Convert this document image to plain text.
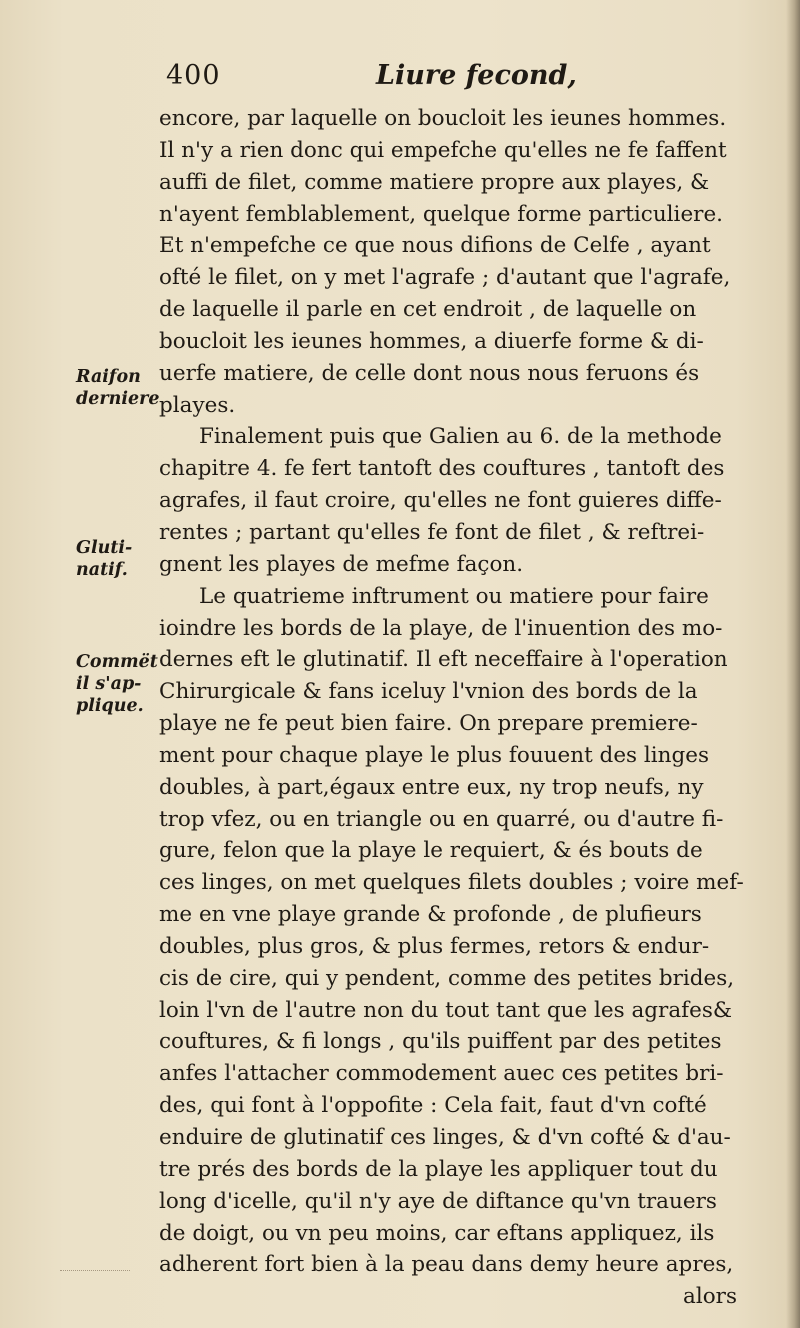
400	Liure fecond,
Raifon
derniere
Gluti-
natif.
Commët
il s'ap-
plique.
encore, par laquelle on boucloit les ieunes hommes.
Il n'y a rien donc qui empefche qu'elles ne fe faffent
auffi de filet, comme matiere propre aux playes, &
n'ayent femblablement, quelque forme particuliere.
Et n'empefche ce que nous difions de Celfe , ayant
ofté le filet, on y met l'agrafe ; d'autant que l'agrafe,
de laquelle il parle en cet endroit , de laquelle on
boucloit les ieunes hommes, a diuerfe forme & di-
uerfe matiere, de celle dont nous nous feruons és
playes.
Finalement puis que Galien au 6. de la methode
chapitre 4. fe fert tantoft des couftures , tantoft des
agrafes, il faut croire, qu'elles ne font guieres diffe-
rentes ; partant qu'elles fe font de filet , & reftrei-
gnent les playes de mefme façon.
Le quatrieme inftrument ou matiere pour faire
ioindre les bords de la playe, de l'inuention des mo-
dernes eft le glutinatif. Il eft neceffaire à l'operation
Chirurgicale & fans iceluy l'vnion des bords de la
playe ne fe peut bien faire. On prepare premiere-
ment pour chaque playe le plus fouuent des linges
doubles, à part,égaux entre eux, ny trop neufs, ny
trop vfez, ou en triangle ou en quarré, ou d'autre fi-
gure, felon que la playe le requiert, & és bouts de
ces linges, on met quelques filets doubles ; voire mef-
me en vne playe grande & profonde , de plufieurs
doubles, plus gros, & plus fermes, retors & endur-
cis de cire, qui y pendent, comme des petites brides,
loin l'vn de l'autre non du tout tant que les agrafes&
couftures, & fi longs , qu'ils puiffent par des petites
anfes l'attacher commodement auec ces petites bri-
des, qui font à l'oppofite : Cela fait, faut d'vn cofté
enduire de glutinatif ces linges, & d'vn cofté & d'au-
tre prés des bords de la playe les appliquer tout du
long d'icelle, qu'il n'y aye de diftance qu'vn trauers
de doigt, ou vn peu moins, car eftans appliquez, ils
adherent fort bien à la peau dans demy heure apres,
alors
